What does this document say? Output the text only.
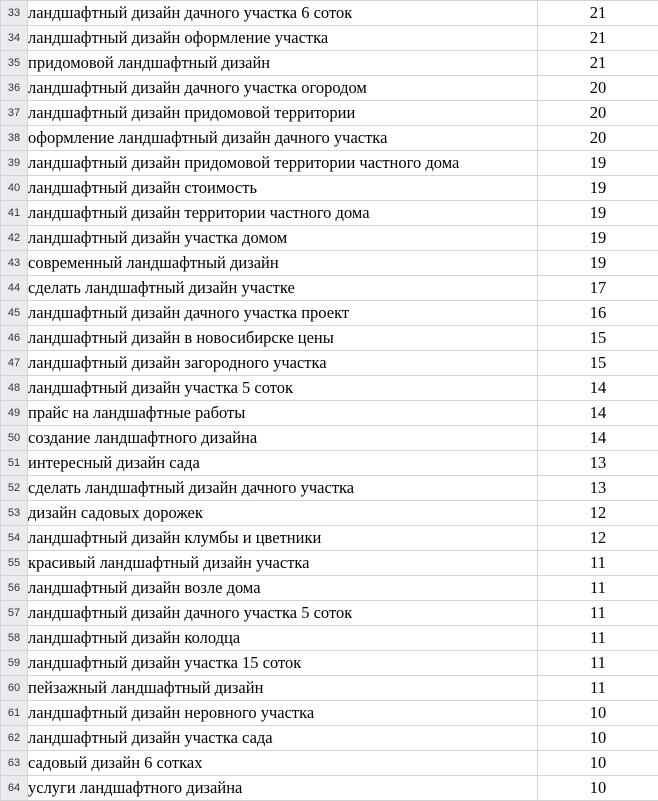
33	ландшафтный дизайн дачного участка 6 соток	21
34	ландшафтный дизайн оформление участка	21
35	придомовой ландшафтный дизайн	21
36	ландшафтный дизайн дачного участка огородом	20
37	ландшафтный дизайн придомовой территории	20
38	оформление ландшафтный дизайн дачного участка	20
39	ландшафтный дизайн придомовой территории частного дома	19
40	ландшафтный дизайн стоимость	19
41	ландшафтный дизайн территории частного дома	19
42	ландшафтный дизайн участка домом	19
43	современный ландшафтный дизайн	19
44	сделать ландшафтный дизайн участке	17
45	ландшафтный дизайн дачного участка проект	16
46	ландшафтный дизайн в новосибирске цены	15
47	ландшафтный дизайн загородного участка	15
48	ландшафтный дизайн участка 5 соток	14
49	прайс на ландшафтные работы	14
50	создание ландшафтного дизайна	14
51	интересный дизайн сада	13
52	сделать ландшафтный дизайн дачного участка	13
53	дизайн садовых дорожек	12
54	ландшафтный дизайн клумбы и цветники	12
55	красивый ландшафтный дизайн участка	11
56	ландшафтный дизайн возле дома	11
57	ландшафтный дизайн дачного участка 5 соток	11
58	ландшафтный дизайн колодца	11
59	ландшафтный дизайн участка 15 соток	11
60	пейзажный ландшафтный дизайн	11
61	ландшафтный дизайн неровного участка	10
62	ландшафтный дизайн участка сада	10
63	садовый дизайн 6 сотках	10
64	услуги ландшафтного дизайна	10
